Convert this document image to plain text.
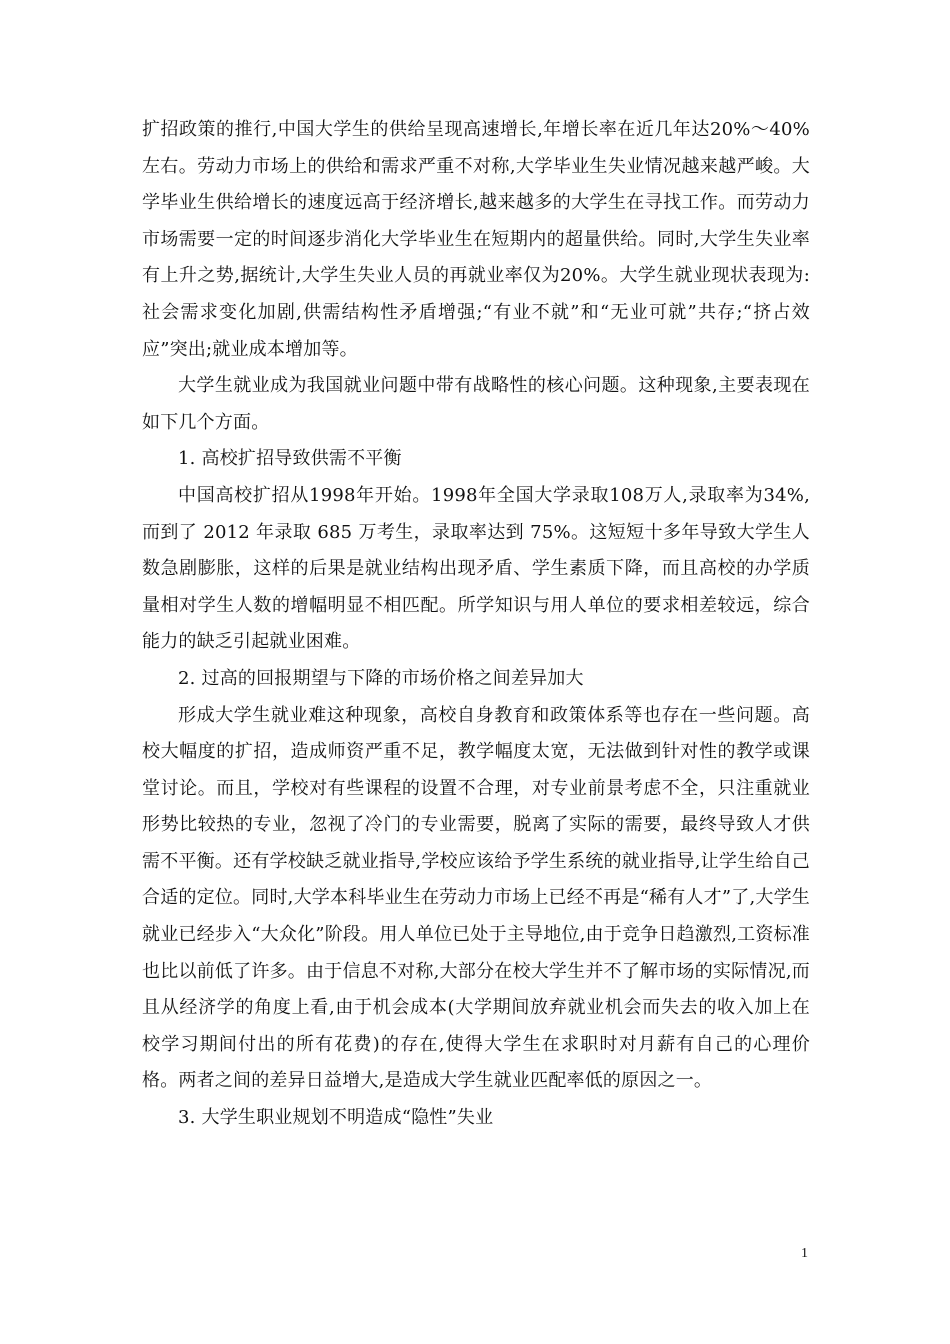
扩招政策的推行,中国大学生的供给呈现高速增长,年增长率在近几年达20%～40%左右。劳动力市场上的供给和需求严重不对称,大学毕业生失业情况越来越严峻。大学毕业生供给增长的速度远高于经济增长,越来越多的大学生在寻找工作。而劳动力市场需要一定的时间逐步消化大学毕业生在短期内的超量供给。同时,大学生失业率有上升之势,据统计,大学生失业人员的再就业率仅为20%。大学生就业现状表现为:社会需求变化加剧,供需结构性矛盾增强;“有业不就”和“无业可就”共存;“挤占效应”突出;就业成本增加等。

大学生就业成为我国就业问题中带有战略性的核心问题。这种现象,主要表现在如下几个方面。

1. 高校扩招导致供需不平衡

中国高校扩招从1998年开始。1998年全国大学录取108万人,录取率为34%,而到了 2012 年录取 685 万考生，录取率达到 75%。这短短十多年导致大学生人数急剧膨胀，这样的后果是就业结构出现矛盾、学生素质下降，而且高校的办学质量相对学生人数的增幅明显不相匹配。所学知识与用人单位的要求相差较远，综合能力的缺乏引起就业困难。

2. 过高的回报期望与下降的市场价格之间差异加大

形成大学生就业难这种现象，高校自身教育和政策体系等也存在一些问题。高校大幅度的扩招，造成师资严重不足，教学幅度太宽，无法做到针对性的教学或课堂讨论。而且，学校对有些课程的设置不合理，对专业前景考虑不全，只注重就业形势比较热的专业，忽视了冷门的专业需要，脱离了实际的需要，最终导致人才供需不平衡。还有学校缺乏就业指导,学校应该给予学生系统的就业指导,让学生给自己合适的定位。同时,大学本科毕业生在劳动力市场上已经不再是“稀有人才”了,大学生就业已经步入“大众化”阶段。用人单位已处于主导地位,由于竞争日趋激烈,工资标准也比以前低了许多。由于信息不对称,大部分在校大学生并不了解市场的实际情况,而且从经济学的角度上看,由于机会成本(大学期间放弃就业机会而失去的收入加上在校学习期间付出的所有花费)的存在,使得大学生在求职时对月薪有自己的心理价格。两者之间的差异日益增大,是造成大学生就业匹配率低的原因之一。

3. 大学生职业规划不明造成“隐性”失业

1
